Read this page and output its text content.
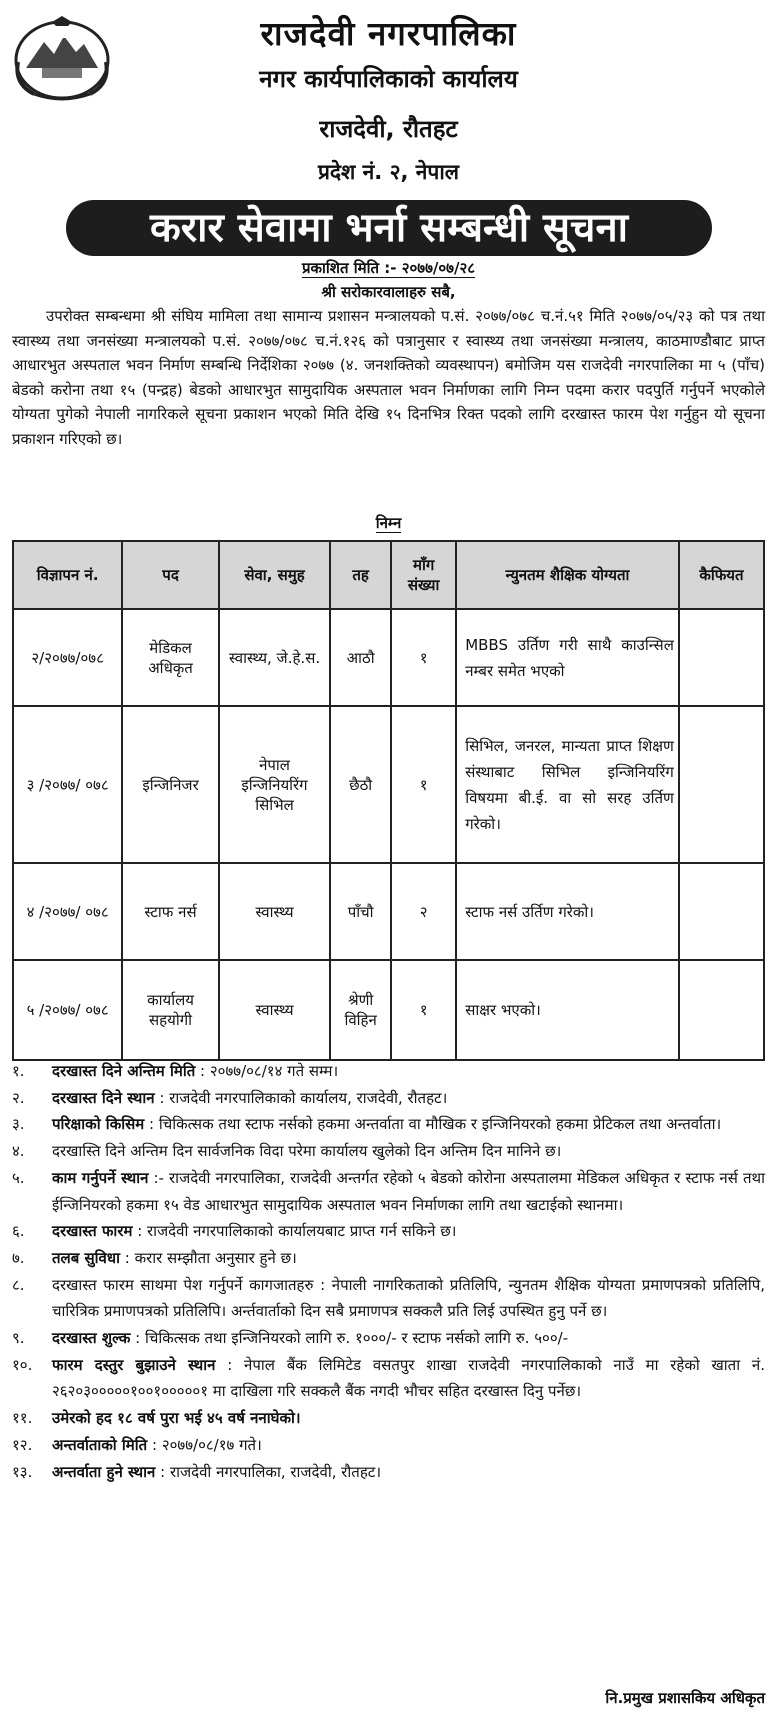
राजदेवी नगरपालिका
नगर कार्यपालिकाको कार्यालय
राजदेवी, रौतहट
प्रदेश नं. २, नेपाल
करार सेवामा भर्ना सम्बन्धी सूचना
प्रकाशित मिति :- २०७७/०७/२८
श्री सरोकारवालाहरु सबै,

उपरोक्त सम्बन्धमा श्री संघिय मामिला तथा सामान्य प्रशासन मन्त्रालयको प.सं. २०७७/०७८ च.नं.५१ मिति २०७७/०५/२३ को पत्र तथा स्वास्थ्य तथा जनसंख्या मन्त्रालयको प.सं. २०७७/०७८ च.नं.१२६ को पत्रानुसार र स्वास्थ्य तथा जनसंख्या मन्त्रालय, काठमाण्डौबाट प्राप्त आधारभुत अस्पताल भवन निर्माण सम्बन्धि निर्देशिका २०७७ (४. जनशक्तिको व्यवस्थापन) बमोजिम यस राजदेवी नगरपालिका मा ५ (पाँच) बेडको करोना तथा १५ (पन्द्रह) बेडको आधारभुत सामुदायिक अस्पताल भवन निर्माणका लागि निम्न पदमा करार पदपुर्ति गर्नुपर्ने भएकोले योग्यता पुगेको नेपाली नागरिकले सूचना प्रकाशन भएको मिति देखि १५ दिनभित्र रिक्त पदको लागि दरखास्त फारम पेश गर्नुहुन यो सूचना प्रकाशन गरिएको छ।

निम्न
विज्ञापन नं.	पद	सेवा, समुह	तह	माँग संख्या	न्युनतम शैक्षिक योग्यता	कैफियत
२/२०७७/०७८	मेडिकल अधिकृत	स्वास्थ्य, जे.हे.स.	आठौ	१	MBBS उर्तिण गरी साथै काउन्सिल नम्बर समेत भएको	
३ /२०७७/ ०७८	इन्जिनिजर	नेपाल इन्जिनियरिंग सिभिल	छैठौ	१	सिभिल, जनरल, मान्यता प्राप्त शिक्षण संस्थाबाट सिभिल इन्जिनियरिंग विषयमा बी.ई. वा सो सरह उर्तिण गरेको।	
४ /२०७७/ ०७८	स्टाफ नर्स	स्वास्थ्य	पाँचौ	२	स्टाफ नर्स उर्तिण गरेको।	
५ /२०७७/ ०७८	कार्यालय सहयोगी	स्वास्थ्य	श्रेणी विहिन	१	साक्षर भएको।	
१. दरखास्त दिने अन्तिम मिति : २०७७/०८/१४ गते सम्म।
२. दरखास्त दिने स्थान : राजदेवी नगरपालिकाको कार्यालय, राजदेवी, रौतहट।
३. परिक्षाको किसिम : चिकित्सक तथा स्टाफ नर्सको हकमा अन्तर्वाता वा मौखिक र इन्जिनियरको हकमा प्रेटिकल तथा अन्तर्वाता।
४. दरखास्ति दिने अन्तिम दिन सार्वजनिक विदा परेमा कार्यालय खुलेको दिन अन्तिम दिन मानिने छ।
५. काम गर्नुपर्ने स्थान :- राजदेवी नगरपालिका, राजदेवी अन्तर्गत रहेको ५ बेडको कोरोना अस्पतालमा मेडिकल अधिकृत र स्टाफ नर्स तथा ईन्जिनियरको हकमा १५ वेड आधारभुत सामुदायिक अस्पताल भवन निर्माणका लागि तथा खटाईको स्थानमा।
६. दरखास्त फारम : राजदेवी नगरपालिकाको कार्यालयबाट प्राप्त गर्न सकिने छ।
७. तलब सुविधा : करार सम्झौता अनुसार हुने छ।
८. दरखास्त फारम साथमा पेश गर्नुपर्ने कागजातहरु : नेपाली नागरिकताको प्रतिलिपि, न्युनतम शैक्षिक योग्यता प्रमाणपत्रको प्रतिलिपि, चारित्रिक प्रमाणपत्रको प्रतिलिपि। अर्न्तवार्ताको दिन सबै प्रमाणपत्र सक्कलै प्रति लिई उपस्थित हुनु पर्ने छ।
९. दरखास्त शुल्क : चिकित्सक तथा इन्जिनियरको लागि रु. १०००/- र स्टाफ नर्सको लागि रु. ५००/-
१०. फारम दस्तुर बुझाउने स्थान : नेपाल बैंक लिमिटेड वसतपुर शाखा राजदेवी नगरपालिकाको नाउँ मा रहेको खाता नं. २६२०३०००००१००१०००००१ मा दाखिला गरि सक्कलै बैंक नगदी भौचर सहित दरखास्त दिनु पर्नेछ।
११. उमेरको हद १८ वर्ष पुरा भई ४५ वर्ष ननाघेको।
१२. अन्तर्वाताको मिति : २०७७/०८/१७ गते।
१३. अन्तर्वाता हुने स्थान : राजदेवी नगरपालिका, राजदेवी, रौतहट।
नि.प्रमुख प्रशासकिय अधिकृत
